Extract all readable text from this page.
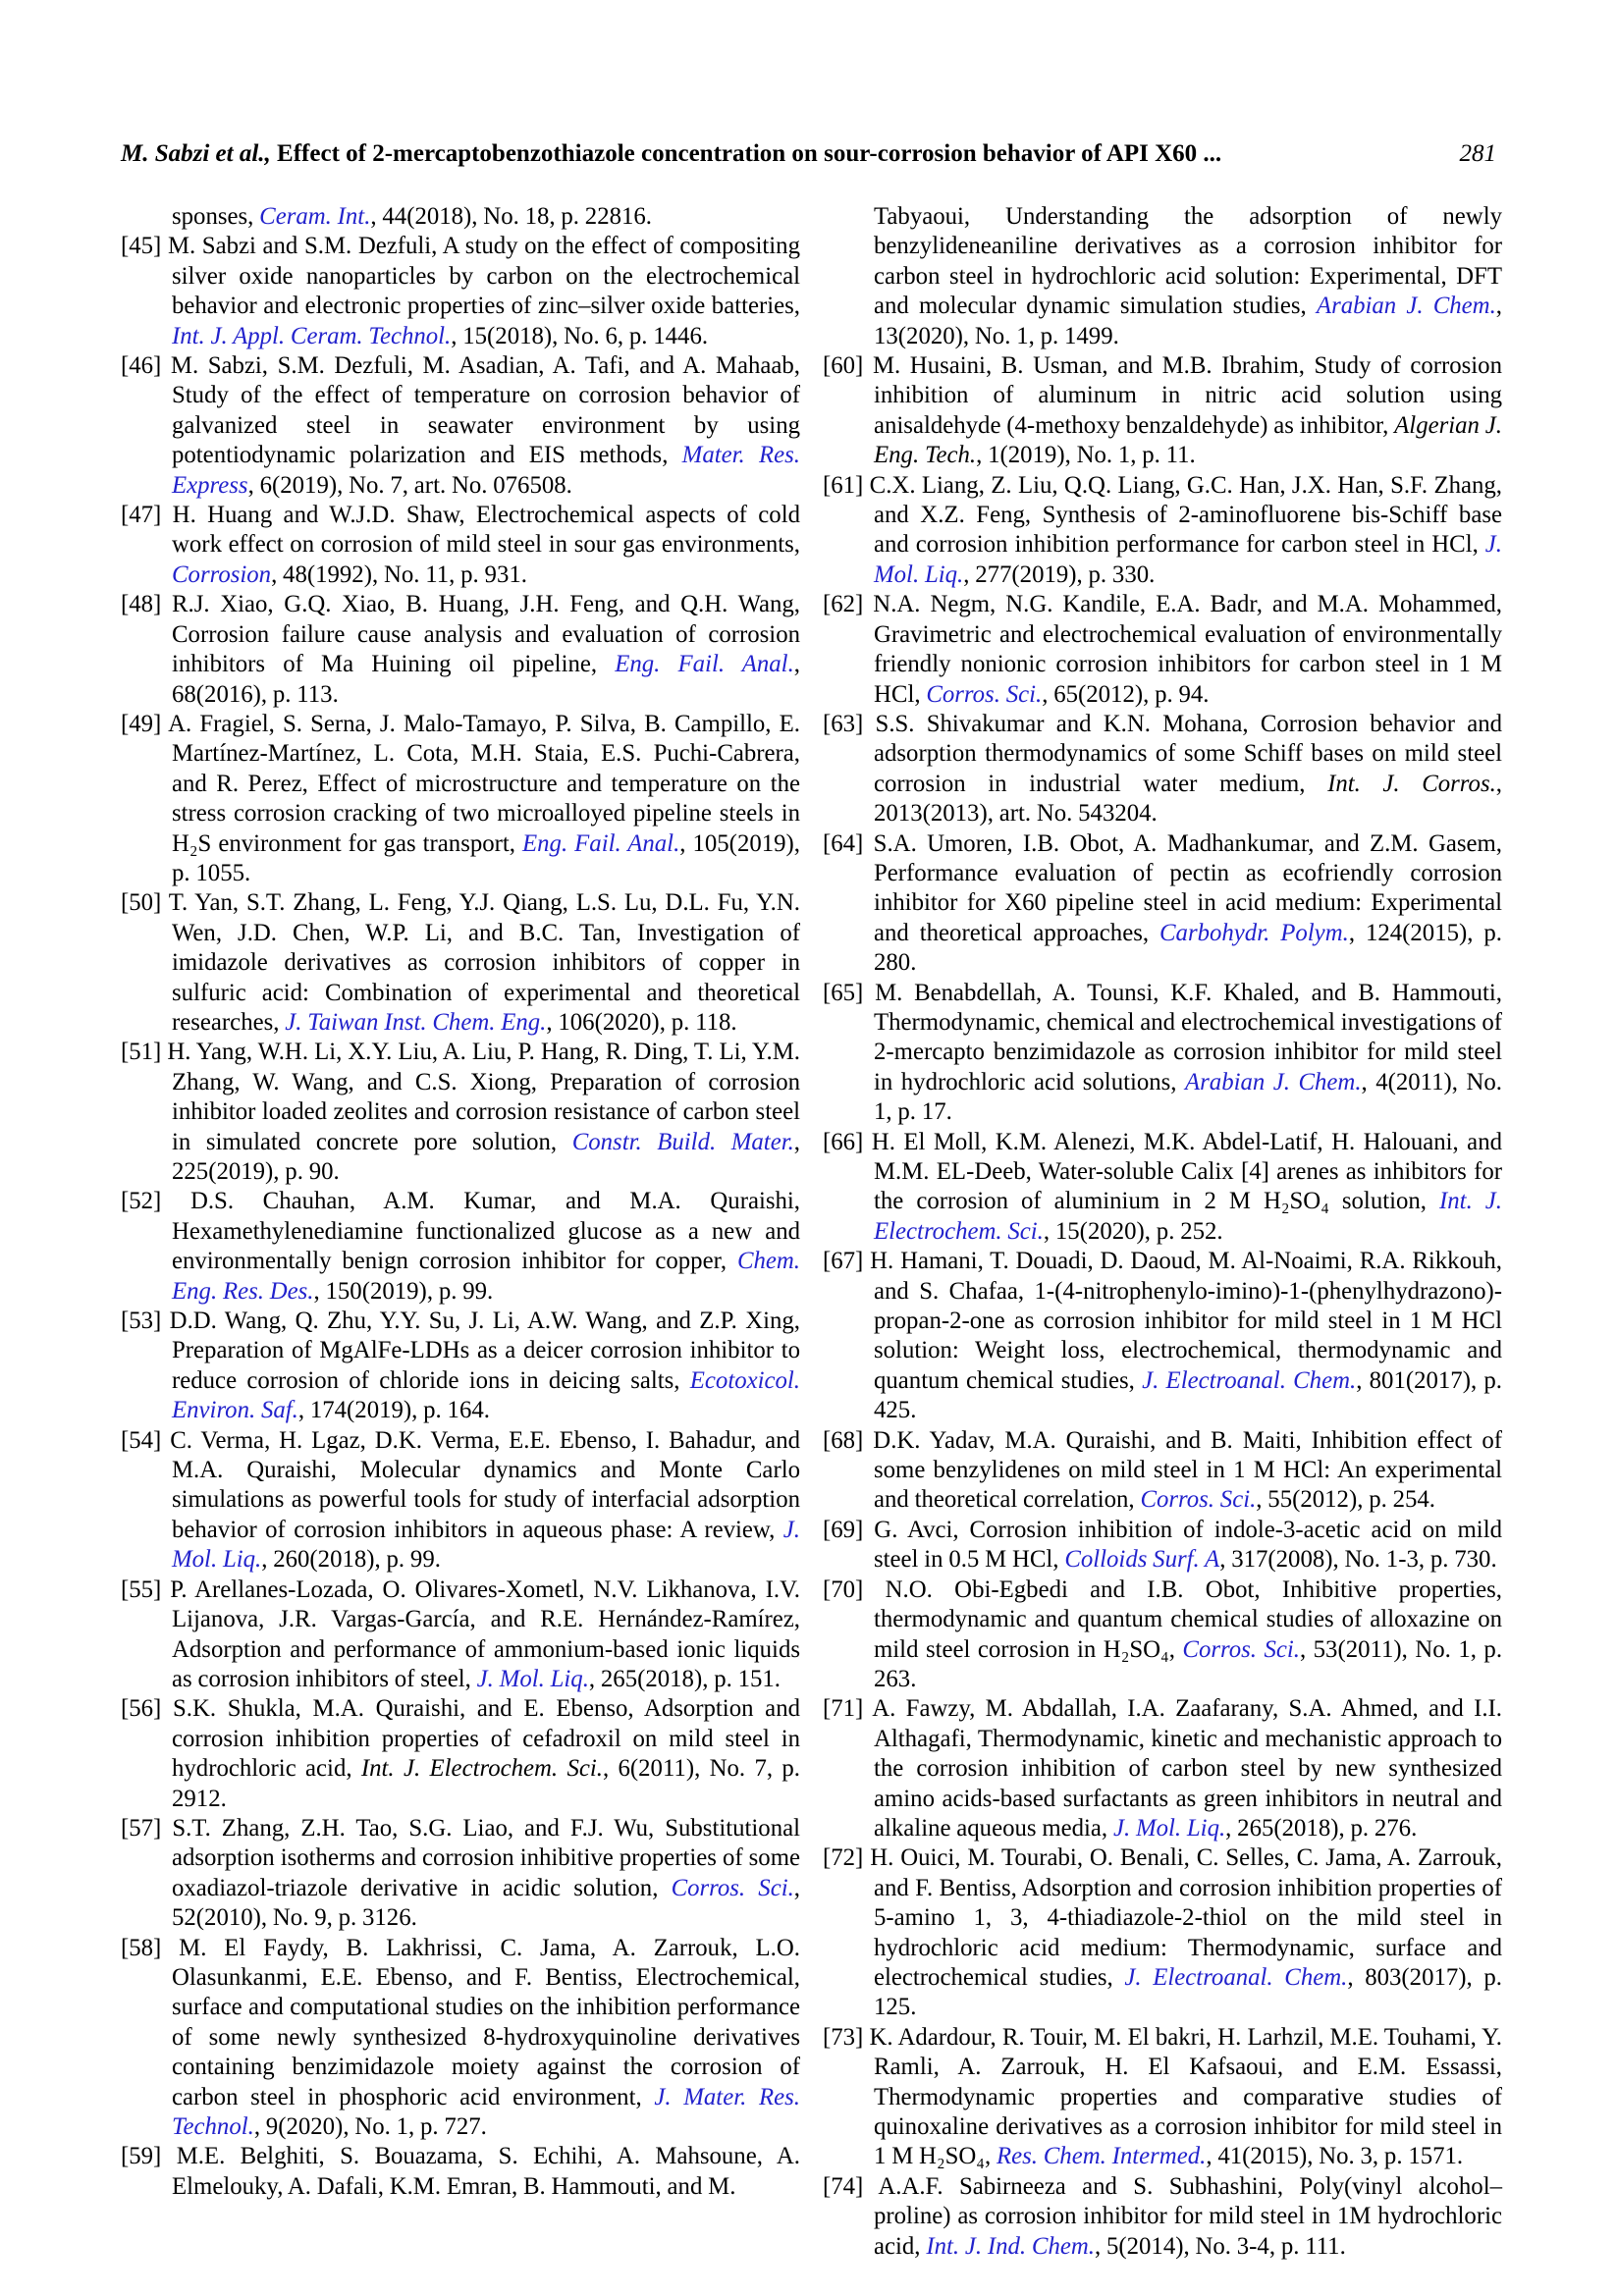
M. Sabzi et al., Effect of 2-mercaptobenzothiazole concentration on sour-corrosion behavior of API X60 ...	281
sponses, Ceram. Int., 44(2018), No. 18, p. 22816.
[45] M. Sabzi and S.M. Dezfuli, A study on the effect of compositing silver oxide nanoparticles by carbon on the electrochemical behavior and electronic properties of zinc–silver oxide batteries, Int. J. Appl. Ceram. Technol., 15(2018), No. 6, p. 1446.
[46] M. Sabzi, S.M. Dezfuli, M. Asadian, A. Tafi, and A. Mahaab, Study of the effect of temperature on corrosion behavior of galvanized steel in seawater environment by using potentiodynamic polarization and EIS methods, Mater. Res. Express, 6(2019), No. 7, art. No. 076508.
[47] H. Huang and W.J.D. Shaw, Electrochemical aspects of cold work effect on corrosion of mild steel in sour gas environments, Corrosion, 48(1992), No. 11, p. 931.
[48] R.J. Xiao, G.Q. Xiao, B. Huang, J.H. Feng, and Q.H. Wang, Corrosion failure cause analysis and evaluation of corrosion inhibitors of Ma Huining oil pipeline, Eng. Fail. Anal., 68(2016), p. 113.
[49] A. Fragiel, S. Serna, J. Malo-Tamayo, P. Silva, B. Campillo, E. Martínez-Martínez, L. Cota, M.H. Staia, E.S. Puchi-Cabrera, and R. Perez, Effect of microstructure and temperature on the stress corrosion cracking of two microalloyed pipeline steels in H₂S environment for gas transport, Eng. Fail. Anal., 105(2019), p. 1055.
[50] T. Yan, S.T. Zhang, L. Feng, Y.J. Qiang, L.S. Lu, D.L. Fu, Y.N. Wen, J.D. Chen, W.P. Li, and B.C. Tan, Investigation of imidazole derivatives as corrosion inhibitors of copper in sulfuric acid: Combination of experimental and theoretical researches, J. Taiwan Inst. Chem. Eng., 106(2020), p. 118.
[51] H. Yang, W.H. Li, X.Y. Liu, A. Liu, P. Hang, R. Ding, T. Li, Y.M. Zhang, W. Wang, and C.S. Xiong, Preparation of corrosion inhibitor loaded zeolites and corrosion resistance of carbon steel in simulated concrete pore solution, Constr. Build. Mater., 225(2019), p. 90.
[52] D.S. Chauhan, A.M. Kumar, and M.A. Quraishi, Hexamethylenediamine functionalized glucose as a new and environmentally benign corrosion inhibitor for copper, Chem. Eng. Res. Des., 150(2019), p. 99.
[53] D.D. Wang, Q. Zhu, Y.Y. Su, J. Li, A.W. Wang, and Z.P. Xing, Preparation of MgAlFe-LDHs as a deicer corrosion inhibitor to reduce corrosion of chloride ions in deicing salts, Ecotoxicol. Environ. Saf., 174(2019), p. 164.
[54] C. Verma, H. Lgaz, D.K. Verma, E.E. Ebenso, I. Bahadur, and M.A. Quraishi, Molecular dynamics and Monte Carlo simulations as powerful tools for study of interfacial adsorption behavior of corrosion inhibitors in aqueous phase: A review, J. Mol. Liq., 260(2018), p. 99.
[55] P. Arellanes-Lozada, O. Olivares-Xometl, N.V. Likhanova, I.V. Lijanova, J.R. Vargas-García, and R.E. Hernández-Ramírez, Adsorption and performance of ammonium-based ionic liquids as corrosion inhibitors of steel, J. Mol. Liq., 265(2018), p. 151.
[56] S.K. Shukla, M.A. Quraishi, and E. Ebenso, Adsorption and corrosion inhibition properties of cefadroxil on mild steel in hydrochloric acid, Int. J. Electrochem. Sci., 6(2011), No. 7, p. 2912.
[57] S.T. Zhang, Z.H. Tao, S.G. Liao, and F.J. Wu, Substitutional adsorption isotherms and corrosion inhibitive properties of some oxadiazol-triazole derivative in acidic solution, Corros. Sci., 52(2010), No. 9, p. 3126.
[58] M. El Faydy, B. Lakhrissi, C. Jama, A. Zarrouk, L.O. Olasunkanmi, E.E. Ebenso, and F. Bentiss, Electrochemical, surface and computational studies on the inhibition performance of some newly synthesized 8-hydroxyquinoline derivatives containing benzimidazole moiety against the corrosion of carbon steel in phosphoric acid environment, J. Mater. Res. Technol., 9(2020), No. 1, p. 727.
[59] M.E. Belghiti, S. Bouazama, S. Echihi, A. Mahsoune, A. Elmelouky, A. Dafali, K.M. Emran, B. Hammouti, and M.
Tabyaoui, Understanding the adsorption of newly benzylideneaniline derivatives as a corrosion inhibitor for carbon steel in hydrochloric acid solution: Experimental, DFT and molecular dynamic simulation studies, Arabian J. Chem., 13(2020), No. 1, p. 1499.
[60] M. Husaini, B. Usman, and M.B. Ibrahim, Study of corrosion inhibition of aluminum in nitric acid solution using anisaldehyde (4-methoxy benzaldehyde) as inhibitor, Algerian J. Eng. Tech., 1(2019), No. 1, p. 11.
[61] C.X. Liang, Z. Liu, Q.Q. Liang, G.C. Han, J.X. Han, S.F. Zhang, and X.Z. Feng, Synthesis of 2-aminofluorene bis-Schiff base and corrosion inhibition performance for carbon steel in HCl, J. Mol. Liq., 277(2019), p. 330.
[62] N.A. Negm, N.G. Kandile, E.A. Badr, and M.A. Mohammed, Gravimetric and electrochemical evaluation of environmentally friendly nonionic corrosion inhibitors for carbon steel in 1 M HCl, Corros. Sci., 65(2012), p. 94.
[63] S.S. Shivakumar and K.N. Mohana, Corrosion behavior and adsorption thermodynamics of some Schiff bases on mild steel corrosion in industrial water medium, Int. J. Corros., 2013(2013), art. No. 543204.
[64] S.A. Umoren, I.B. Obot, A. Madhankumar, and Z.M. Gasem, Performance evaluation of pectin as ecofriendly corrosion inhibitor for X60 pipeline steel in acid medium: Experimental and theoretical approaches, Carbohydr. Polym., 124(2015), p. 280.
[65] M. Benabdellah, A. Tounsi, K.F. Khaled, and B. Hammouti, Thermodynamic, chemical and electrochemical investigations of 2-mercapto benzimidazole as corrosion inhibitor for mild steel in hydrochloric acid solutions, Arabian J. Chem., 4(2011), No. 1, p. 17.
[66] H. El Moll, K.M. Alenezi, M.K. Abdel-Latif, H. Halouani, and M.M. EL-Deeb, Water-soluble Calix [4] arenes as inhibitors for the corrosion of aluminium in 2 M H₂SO₄ solution, Int. J. Electrochem. Sci., 15(2020), p. 252.
[67] H. Hamani, T. Douadi, D. Daoud, M. Al-Noaimi, R.A. Rikkouh, and S. Chafaa, 1-(4-nitrophenylo-imino)-1-(phenylhydrazono)-propan-2-one as corrosion inhibitor for mild steel in 1 M HCl solution: Weight loss, electrochemical, thermodynamic and quantum chemical studies, J. Electroanal. Chem., 801(2017), p. 425.
[68] D.K. Yadav, M.A. Quraishi, and B. Maiti, Inhibition effect of some benzylidenes on mild steel in 1 M HCl: An experimental and theoretical correlation, Corros. Sci., 55(2012), p. 254.
[69] G. Avci, Corrosion inhibition of indole-3-acetic acid on mild steel in 0.5 M HCl, Colloids Surf. A, 317(2008), No. 1-3, p. 730.
[70] N.O. Obi-Egbedi and I.B. Obot, Inhibitive properties, thermodynamic and quantum chemical studies of alloxazine on mild steel corrosion in H₂SO₄, Corros. Sci., 53(2011), No. 1, p. 263.
[71] A. Fawzy, M. Abdallah, I.A. Zaafarany, S.A. Ahmed, and I.I. Althagafi, Thermodynamic, kinetic and mechanistic approach to the corrosion inhibition of carbon steel by new synthesized amino acids-based surfactants as green inhibitors in neutral and alkaline aqueous media, J. Mol. Liq., 265(2018), p. 276.
[72] H. Ouici, M. Tourabi, O. Benali, C. Selles, C. Jama, A. Zarrouk, and F. Bentiss, Adsorption and corrosion inhibition properties of 5-amino 1, 3, 4-thiadiazole-2-thiol on the mild steel in hydrochloric acid medium: Thermodynamic, surface and electrochemical studies, J. Electroanal. Chem., 803(2017), p. 125.
[73] K. Adardour, R. Touir, M. El bakri, H. Larhzil, M.E. Touhami, Y. Ramli, A. Zarrouk, H. El Kafsaoui, and E.M. Essassi, Thermodynamic properties and comparative studies of quinoxaline derivatives as a corrosion inhibitor for mild steel in 1 M H₂SO₄, Res. Chem. Intermed., 41(2015), No. 3, p. 1571.
[74] A.A.F. Sabirneeza and S. Subhashini, Poly(vinyl alcohol–proline) as corrosion inhibitor for mild steel in 1M hydrochloric acid, Int. J. Ind. Chem., 5(2014), No. 3-4, p. 111.
